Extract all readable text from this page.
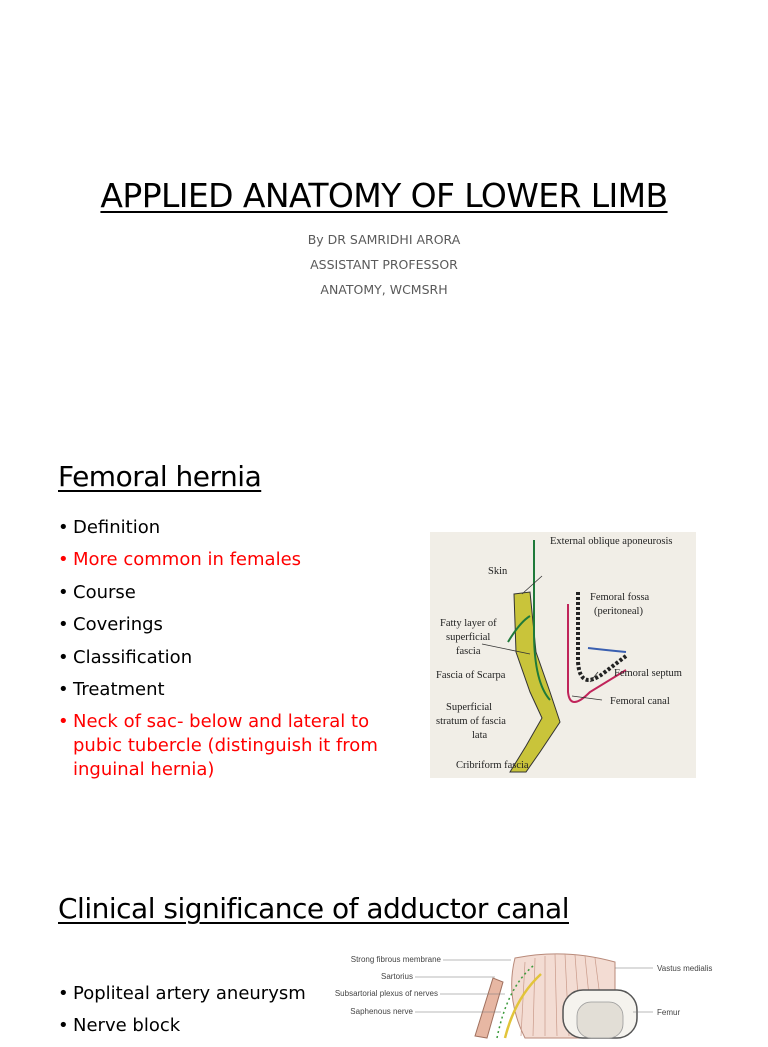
APPLIED ANATOMY OF LOWER LIMB
By DR SAMRIDHI ARORA
ASSISTANT PROFESSOR
ANATOMY, WCMSRH
Femoral hernia
• Definition
• More common in females
• Course
• Coverings
• Classification
• Treatment
• Neck of sac- below and lateral to pubic tubercle (distinguish it from inguinal hernia)
External oblique aponeurosis
Skin
Femoral fossa
(peritoneal)
Fatty layer of
superficial
fascia
Fascia of Scarpa	Femoral septum
Femoral canal
Superficial
stratum of fascia
lata
Cribriform fascia
Clinical significance of adductor canal
• Popliteal artery aneurysm
• Nerve block
Strong fibrous membrane
Sartorius
Subsartorial plexus of nerves
Saphenous nerve
Vastus medialis
Femur
